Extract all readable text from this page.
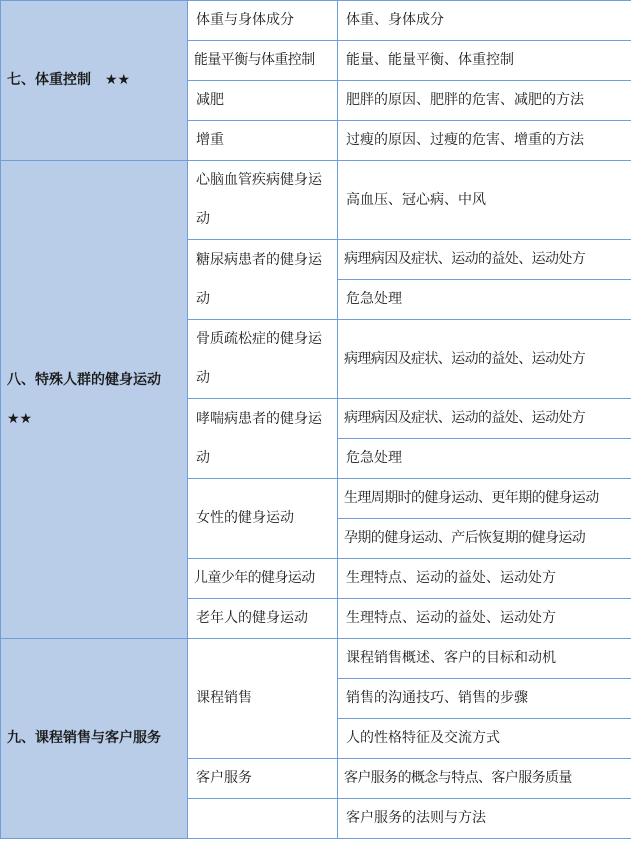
七、体重控制　★★	体重与身体成分	体重、身体成分
	能量平衡与体重控制	能量、能量平衡、体重控制
	减肥	肥胖的原因、肥胖的危害、减肥的方法
	增重	过瘦的原因、过瘦的危害、增重的方法
八、特殊人群的健身运动★★	心脑血管疾病健身运动	高血压、冠心病、中风

	糖尿病患者的健身运动	病理病因及症状、运动的益处、运动处方
		危急处理
	骨质疏松症的健身运动	病理病因及症状、运动的益处、运动处方

	哮喘病患者的健身运动	病理病因及症状、运动的益处、运动处方
		危急处理
	女性的健身运动	生理周期时的健身运动、更年期的健身运动
		孕期的健身运动、产后恢复期的健身运动
	儿童少年的健身运动	生理特点、运动的益处、运动处方
	老年人的健身运动	生理特点、运动的益处、运动处方
九、课程销售与客户服务	课程销售	课程销售概述、客户的目标和动机
		销售的沟通技巧、销售的步骤
		人的性格特征及交流方式
	客户服务	客户服务的概念与特点、客户服务质量
		客户服务的法则与方法
